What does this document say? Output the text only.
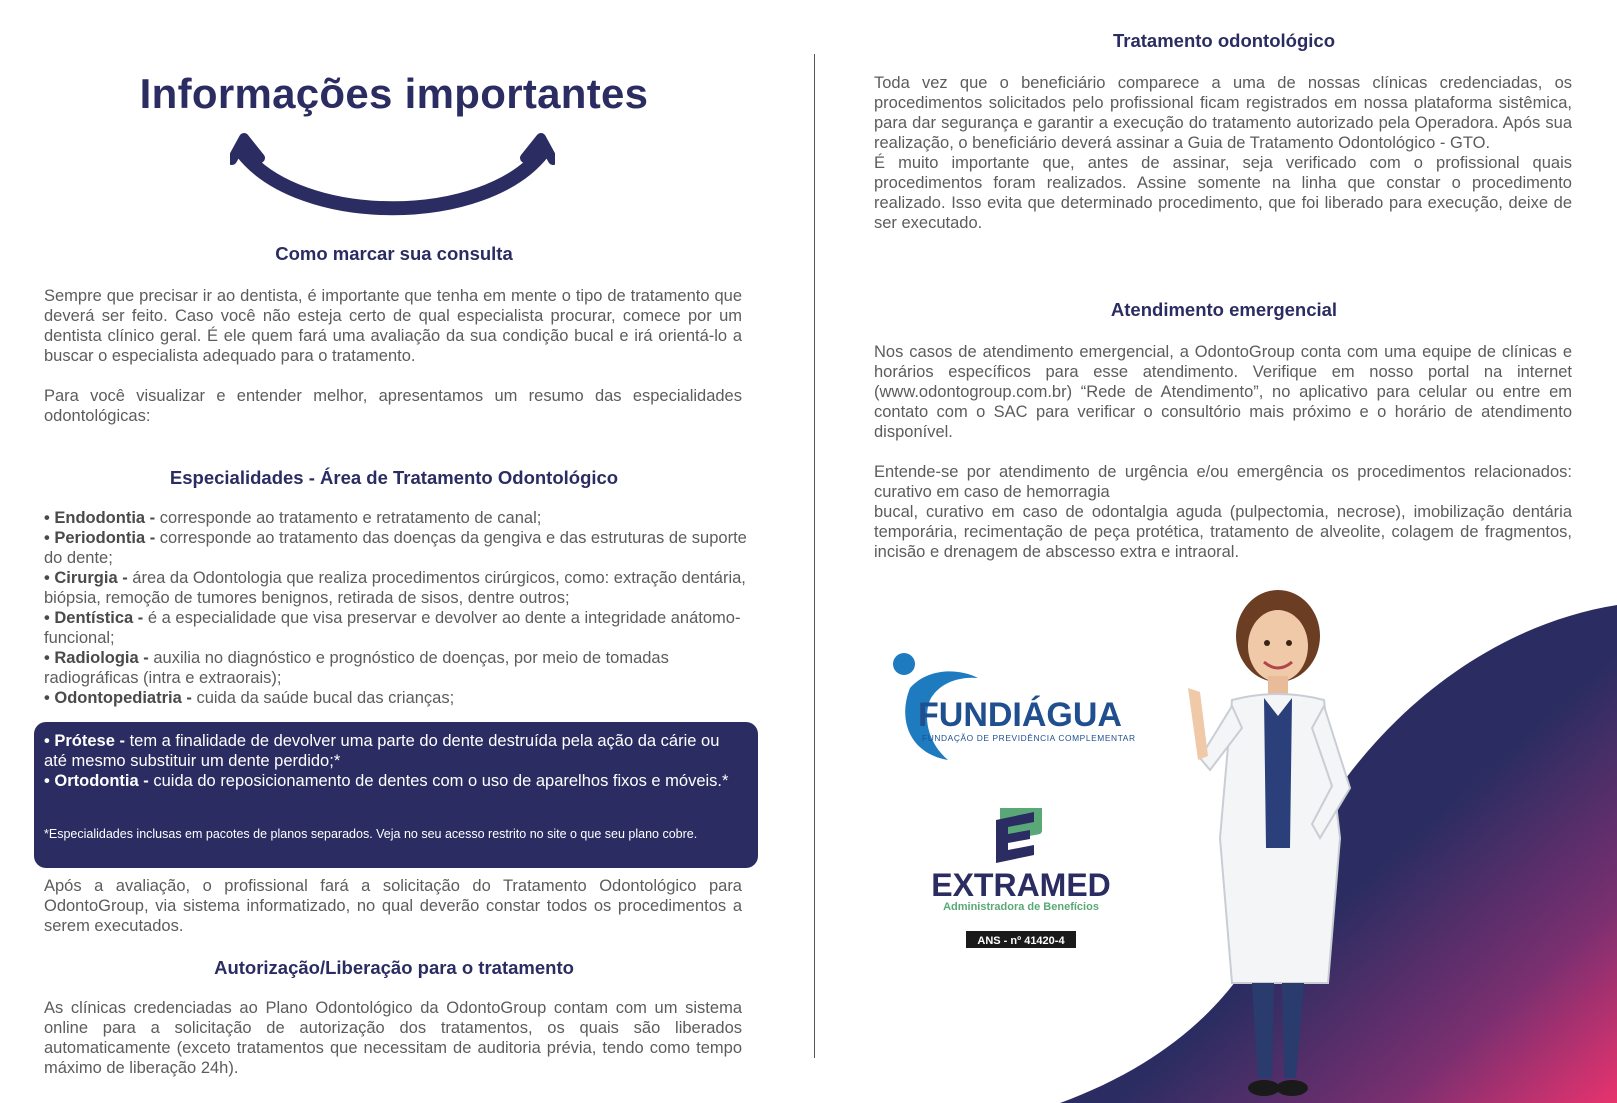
Informações importantes
Como marcar sua consulta

Sempre que precisar ir ao dentista, é importante que tenha em mente o tipo de tratamento que deverá ser feito. Caso você não esteja certo de qual especialista procurar, comece por um dentista clínico geral. É ele quem fará uma avaliação da sua condição bucal e irá orientá-lo a buscar o especialista adequado para o tratamento.

Para você visualizar e entender melhor, apresentamos um resumo das especialidades odontológicas:

Especialidades - Área de Tratamento Odontológico
• Endodontia - corresponde ao tratamento e retratamento de canal;
• Periodontia - corresponde ao tratamento das doenças da gengiva e das estruturas de suporte do dente;
• Cirurgia - área da Odontologia que realiza procedimentos cirúrgicos, como: extração dentária, biópsia, remoção de tumores benignos, retirada de sisos, dentre outros;
• Dentística - é a especialidade que visa preservar e devolver ao dente a integridade anátomo-funcional;
• Radiologia - auxilia no diagnóstico e prognóstico de doenças, por meio de tomadas radiográficas (intra e extraorais);
• Odontopediatria - cuida da saúde bucal das crianças;
• Prótese - tem a finalidade de devolver uma parte do dente destruída pela ação da cárie ou até mesmo substituir um dente perdido;*
• Ortodontia - cuida do reposicionamento de dentes com o uso de aparelhos fixos e móveis.*

*Especialidades inclusas em pacotes de planos separados. Veja no seu acesso restrito no site o que seu plano cobre.

Após a avaliação, o profissional fará a solicitação do Tratamento Odontológico para OdontoGroup, via sistema informatizado, no qual deverão constar todos os procedimentos a serem executados.

Autorização/Liberação para o tratamento

As clínicas credenciadas ao Plano Odontológico da OdontoGroup contam com um sistema online para a solicitação de autorização dos tratamentos, os quais são liberados automaticamente (exceto tratamentos que necessitam de auditoria prévia, tendo como tempo máximo de liberação 24h).

Tratamento odontológico

Toda vez que o beneficiário comparece a uma de nossas clínicas credenciadas, os procedimentos solicitados pelo profissional ficam registrados em nossa plataforma sistêmica, para dar segurança e garantir a execução do tratamento autorizado pela Operadora. Após sua realização, o beneficiário deverá assinar a Guia de Tratamento Odontológico - GTO.

É muito importante que, antes de assinar, seja verificado com o profissional quais procedimentos foram realizados. Assine somente na linha que constar o procedimento realizado. Isso evita que determinado procedimento, que foi liberado para execução, deixe de ser executado.

Atendimento emergencial

Nos casos de atendimento emergencial, a OdontoGroup conta com uma equipe de clínicas e horários específicos para esse atendimento. Verifique em nosso portal na internet (www.odontogroup.com.br) “Rede de Atendimento”, no aplicativo para celular ou entre em contato com o SAC para verificar o consultório mais próximo e o horário de atendimento disponível.

Entende-se por atendimento de urgência e/ou emergência os procedimentos relacionados: curativo em caso de hemorragia

bucal, curativo em caso de odontalgia aguda (pulpectomia, necrose), imobilização dentária temporária, recimentação de peça protética, tratamento de alveolite, colagem de fragmentos, incisão e drenagem de abscesso extra e intraoral.

FUNDIÁGUA
FUNDAÇÃO DE PREVIDÊNCIA COMPLEMENTAR
EXTRAMED
Administradora de Benefícios
ANS - nº 41420-4
